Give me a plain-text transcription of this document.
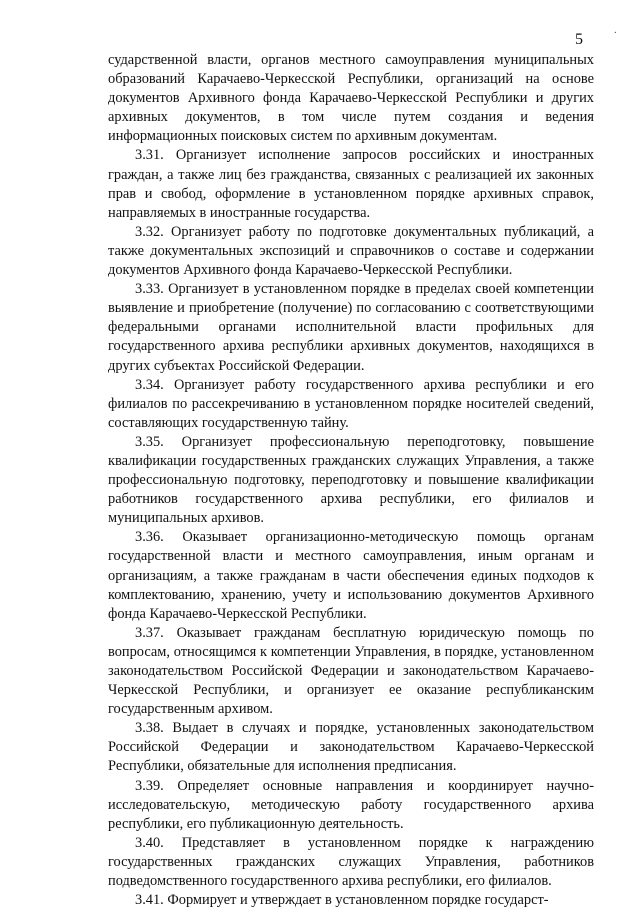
5
.

сударственной власти, органов местного самоуправления муниципальных образований Карачаево-Черкесской Республики, организаций на основе документов Архивного фонда Карачаево-Черкесской Республики и других архивных документов, в том числе путем создания и ведения информационных поисковых систем по архивным документам.

3.31. Организует исполнение запросов российских и иностранных граждан, а также лиц без гражданства, связанных с реализацией их законных прав и свобод, оформление в установленном порядке архивных справок, направляемых в иностранные государства.

3.32. Организует работу по подготовке документальных публикаций, а также документальных экспозиций и справочников о составе и содержании документов Архивного фонда Карачаево-Черкесской Республики.

3.33. Организует в установленном порядке в пределах своей компетенции выявление и приобретение (получение) по согласованию с соответствующими федеральными органами исполнительной власти профильных для государственного архива республики архивных документов, находящихся в других субъектах Российской Федерации.

3.34. Организует работу государственного архива республики и его филиалов по рассекречиванию в установленном порядке носителей сведений, составляющих государственную тайну.

3.35. Организует профессиональную переподготовку, повышение квалификации государственных гражданских служащих Управления, а также профессиональную подготовку, переподготовку и повышение квалификации работников государственного архива республики, его филиалов и муниципальных архивов.

3.36. Оказывает организационно-методическую помощь органам государственной власти и местного самоуправления, иным органам и организациям, а также гражданам в части обеспечения единых подходов к комплектованию, хранению, учету и использованию документов Архивного фонда Карачаево-Черкесской Республики.

3.37. Оказывает гражданам бесплатную юридическую помощь по вопросам, относящимся к компетенции Управления, в порядке, установленном законодательством Российской Федерации и законодательством Карачаево-Черкесской Республики, и организует ее оказание республиканским государственным архивом.

3.38. Выдает в случаях и порядке, установленных законодательством Российской Федерации и законодательством Карачаево-Черкесской Республики, обязательные для исполнения предписания.

3.39. Определяет основные направления и координирует научно-исследовательскую, методическую работу государственного архива республики, его публикационную деятельность.

3.40. Представляет в установленном порядке к награждению государственных гражданских служащих Управления, работников подведомственного государственного архива республики, его филиалов.

3.41. Формирует и утверждает в установленном порядке государст-
